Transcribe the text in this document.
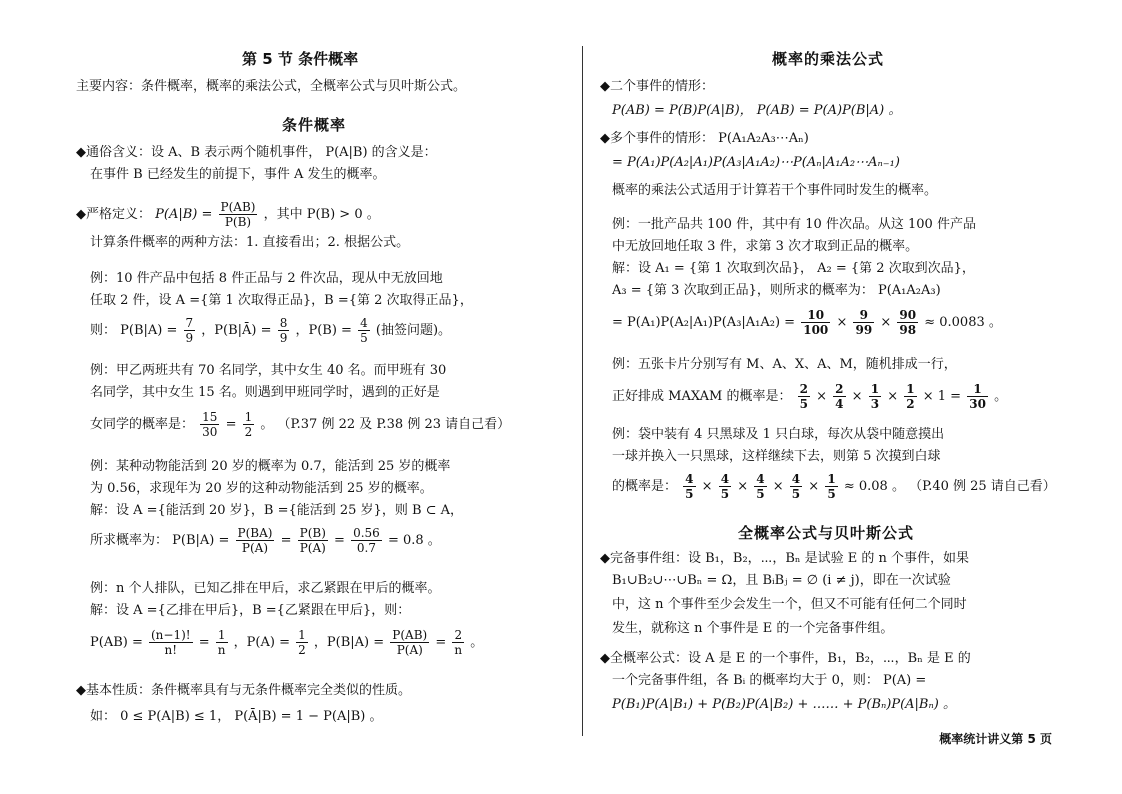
第 5 节 条件概率
主要内容：条件概率，概率的乘法公式，全概率公式与贝叶斯公式。
条件概率
◆通俗含义：设 A、B 表示两个随机事件， P(A|B) 的含义是：
在事件 B 已经发生的前提下，事件 A 发生的概率。
◆严格定义： $P(A|B) = \frac{P(AB)}{P(B)}$ ，其中 P(B) > 0 。
计算条件概率的两种方法：1. 直接看出；2. 根据公式。
例：10 件产品中包括 8 件正品与 2 件次品，现从中无放回地
任取 2 件，设 A ={第 1 次取得正品}，B ={第 2 次取得正品}，
则： $P(B|A) = \frac{7}{9}$ ，P(B|Ā) = $\frac{8}{9}$ ，$P(B) = \frac{4}{5}$ (抽签问题)。
例：甲乙两班共有 70 名同学，其中女生 40 名。而甲班有 30
名同学，其中女生 15 名。则遇到甲班同学时，遇到的正好是
女同学的概率是： $\frac{15}{30} = \frac{1}{2}$ 。 （P.37 例 22 及 P.38 例 23 请自己看）
例：某种动物能活到 20 岁的概率为 0.7，能活到 25 岁的概率
为 0.56，求现年为 20 岁的这种动物能活到 25 岁的概率。
解：设 A ={能活到 20 岁}，B ={能活到 25 岁}，则 B ⊂ A，
所求概率为： $P(B|A) = \frac{P(BA)}{P(A)} = \frac{P(B)}{P(A)} = \frac{0.56}{0.7} = 0.8$ 。
例：n 个人排队，已知乙排在甲后，求乙紧跟在甲后的概率。
解：设 A ={乙排在甲后}，B ={乙紧跟在甲后}，则：
$P(AB) = \frac{(n-1)!}{n!} = \frac{1}{n}$ ，$P(A) = \frac{1}{2}$ ，$P(B|A) = \frac{P(AB)}{P(A)} = \frac{2}{n}$ 。
◆基本性质：条件概率具有与无条件概率完全类似的性质。
如： 0 ≤ P(A|B) ≤ 1， P(Ā|B) = 1 − P(A|B) 。
概率的乘法公式
◆二个事件的情形：
P(AB) = P(B)P(A|B)， P(AB) = P(A)P(B|A) 。
◆多个事件的情形： P(A₁A₂A₃⋯Aₙ)
= P(A₁)P(A₂|A₁)P(A₃|A₁A₂)⋯P(Aₙ|A₁A₂⋯Aₙ₋₁)
概率的乘法公式适用于计算若干个事件同时发生的概率。
例：一批产品共 100 件，其中有 10 件次品。从这 100 件产品
中无放回地任取 3 件，求第 3 次才取到正品的概率。
解：设 A₁ = {第 1 次取到次品}， A₂ = {第 2 次取到次品}，
A₃ = {第 3 次取到正品}，则所求的概率为： P(A₁A₂A₃)
= $P(A_1)P(A_2|A_1)P(A_3|A_1A_2) = \frac{10}{100} \times \frac{9}{99} \times \frac{90}{98} \approx 0.0083$ 。
例：五张卡片分别写有 M、A、X、A、M，随机排成一行，
正好排成 MAXAM 的概率是： $\frac{2}{5} \times \frac{2}{4} \times \frac{1}{3} \times \frac{1}{2} \times 1 = \frac{1}{30}$ 。
例：袋中装有 4 只黑球及 1 只白球，每次从袋中随意摸出
一球并换入一只黑球，这样继续下去，则第 5 次摸到白球
的概率是： $\frac{4}{5} \times \frac{4}{5} \times \frac{4}{5} \times \frac{4}{5} \times \frac{1}{5} \approx 0.08$ 。 （P.40 例 25 请自己看）
全概率公式与贝叶斯公式
◆完备事件组：设 B₁，B₂，⋯，Bₙ 是试验 E 的 n 个事件，如果
B₁∪B₂∪⋯∪Bₙ = Ω，且 BᵢBⱼ = ∅ (i ≠ j)，即在一次试验
中，这 n 个事件至少会发生一个，但又不可能有任何二个同时
发生，就称这 n 个事件是 E 的一个完备事件组。
◆全概率公式：设 A 是 E 的一个事件，B₁，B₂，⋯，Bₙ 是 E 的
一个完备事件组，各 Bᵢ 的概率均大于 0，则： P(A) =
P(B₁)P(A|B₁) + P(B₂)P(A|B₂) + …… + P(Bₙ)P(A|Bₙ) 。
概率统计讲义第 5 页
